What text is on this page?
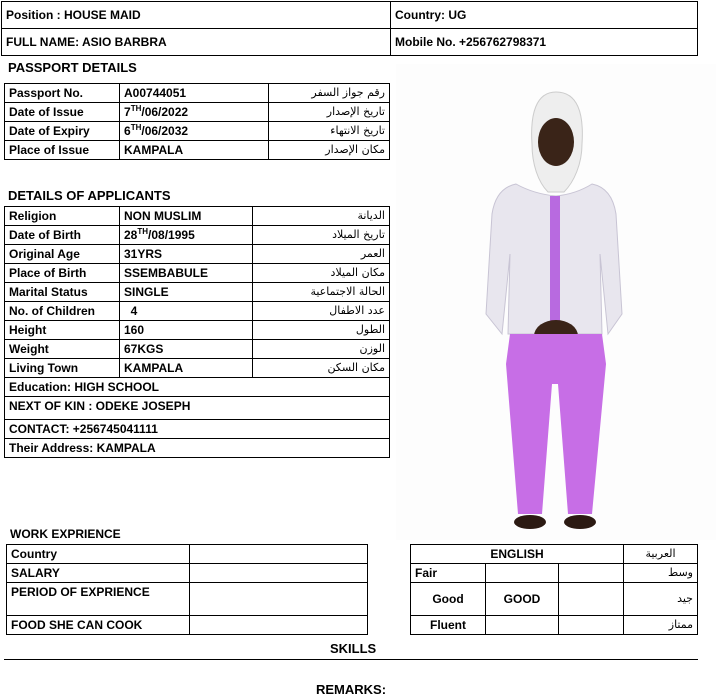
Position : HOUSE MAID	Country: UG
FULL NAME: ASIO BARBRA	Mobile No. +256762798371
PASSPORT DETAILS
Passport No.	A00744051	رقم جواز السفر
Date of Issue	7TH/06/2022	تاريخ الإصدار
Date of Expiry	6TH/06/2032	تاريخ الانتهاء
Place of Issue	KAMPALA	مكان الإصدار
DETAILS OF APPLICANTS
Religion	NON MUSLIM	الديانة
Date of Birth	28TH/08/1995	تاريخ الميلاد
Original Age	31YRS	العمر
Place of Birth	SSEMBABULE	مكان الميلاد
Marital Status	SINGLE	الحالة الاجتماعية
No. of Children	4	عدد الاطفال
Height	160	الطول
Weight	67KGS	الوزن
Living Town	KAMPALA	مكان السكن
Education: HIGH SCHOOL		
NEXT OF KIN : ODEKE JOSEPH		
CONTACT: +256745041111		
Their Address: KAMPALA		
WORK EXPRIENCE
Country	
SALARY	
PERIOD OF EXPRIENCE	
FOOD SHE CAN COOK	
ENGLISH			العربية
Fair			وسط
Good	GOOD		جيد
Fluent			ممتاز
SKILLS
REMARKS:
